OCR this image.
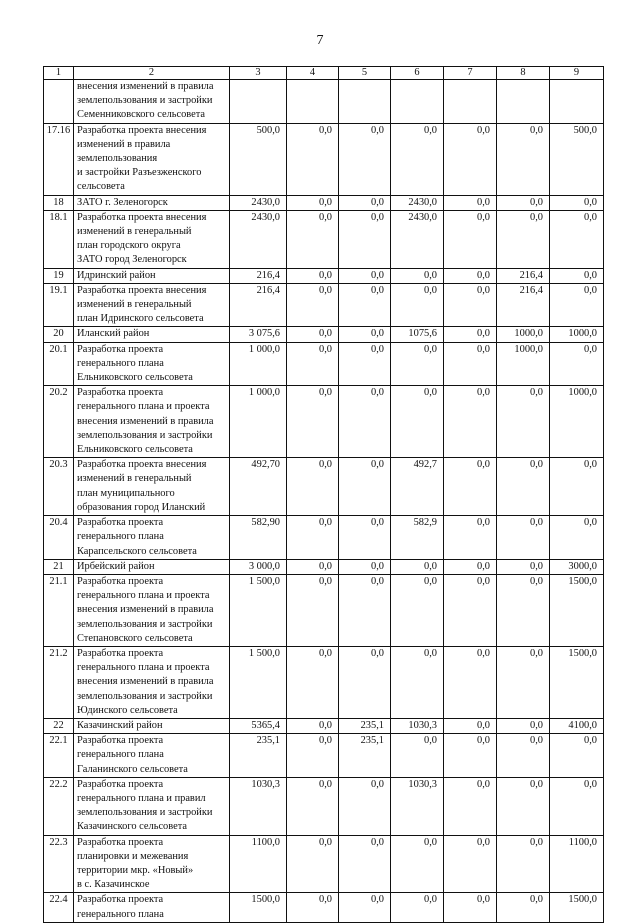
7
1	2	3	4	5	6	7	8	9

	внесения изменений в правила
землепользования и застройки
Семенниковского сельсовета							

17.16	Разработка проекта внесения
изменений в правила
землепользования
и застройки Разъезженского
сельсовета	500,0	0,0	0,0	0,0	0,0	0,0	500,0
18	ЗАТО г. Зеленогорск	2430,0	0,0	0,0	2430,0	0,0	0,0	0,0
18.1	Разработка проекта внесения
изменений в генеральный
план городского округа
ЗАТО город Зеленогорск	2430,0	0,0	0,0	2430,0	0,0	0,0	0,0
19	Идринский район	216,4	0,0	0,0	0,0	0,0	216,4	0,0
19.1	Разработка проекта внесения
изменений в генеральный
план Идринского сельсовета	216,4	0,0	0,0	0,0	0,0	216,4	0,0
20	Иланский район	3 075,6	0,0	0,0	1075,6	0,0	1000,0	1000,0
20.1	Разработка проекта
генерального плана
Ельниковского сельсовета	1 000,0	0,0	0,0	0,0	0,0	1000,0	0,0
20.2	Разработка проекта
генерального плана и проекта
внесения изменений в правила
землепользования и застройки
Ельниковского сельсовета	1 000,0	0,0	0,0	0,0	0,0	0,0	1000,0
20.3	Разработка проекта внесения
изменений в генеральный
план муниципального
образования город Иланский	492,70	0,0	0,0	492,7	0,0	0,0	0,0
20.4	Разработка проекта
генерального плана
Карапсельского сельсовета	582,90	0,0	0,0	582,9	0,0	0,0	0,0
21	Ирбейский район	3 000,0	0,0	0,0	0,0	0,0	0,0	3000,0
21.1	Разработка проекта
генерального плана и проекта
внесения изменений в правила
землепользования и застройки
Степановского сельсовета	1 500,0	0,0	0,0	0,0	0,0	0,0	1500,0
21.2	Разработка проекта
генерального плана и проекта
внесения изменений в правила
землепользования и застройки
Юдинского сельсовета	1 500,0	0,0	0,0	0,0	0,0	0,0	1500,0
22	Казачинский район	5365,4	0,0	235,1	1030,3	0,0	0,0	4100,0
22.1	Разработка проекта
генерального плана
Галанинского сельсовета	235,1	0,0	235,1	0,0	0,0	0,0	0,0
22.2	Разработка проекта
генерального плана и правил
землепользования и застройки
Казачинского сельсовета	1030,3	0,0	0,0	1030,3	0,0	0,0	0,0
22.3	Разработка проекта
планировки и межевания
территории мкр. «Новый»
в с. Казачинское	1100,0	0,0	0,0	0,0	0,0	0,0	1100,0
22.4	Разработка проекта
генерального плана	1500,0	0,0	0,0	0,0	0,0	0,0	1500,0
